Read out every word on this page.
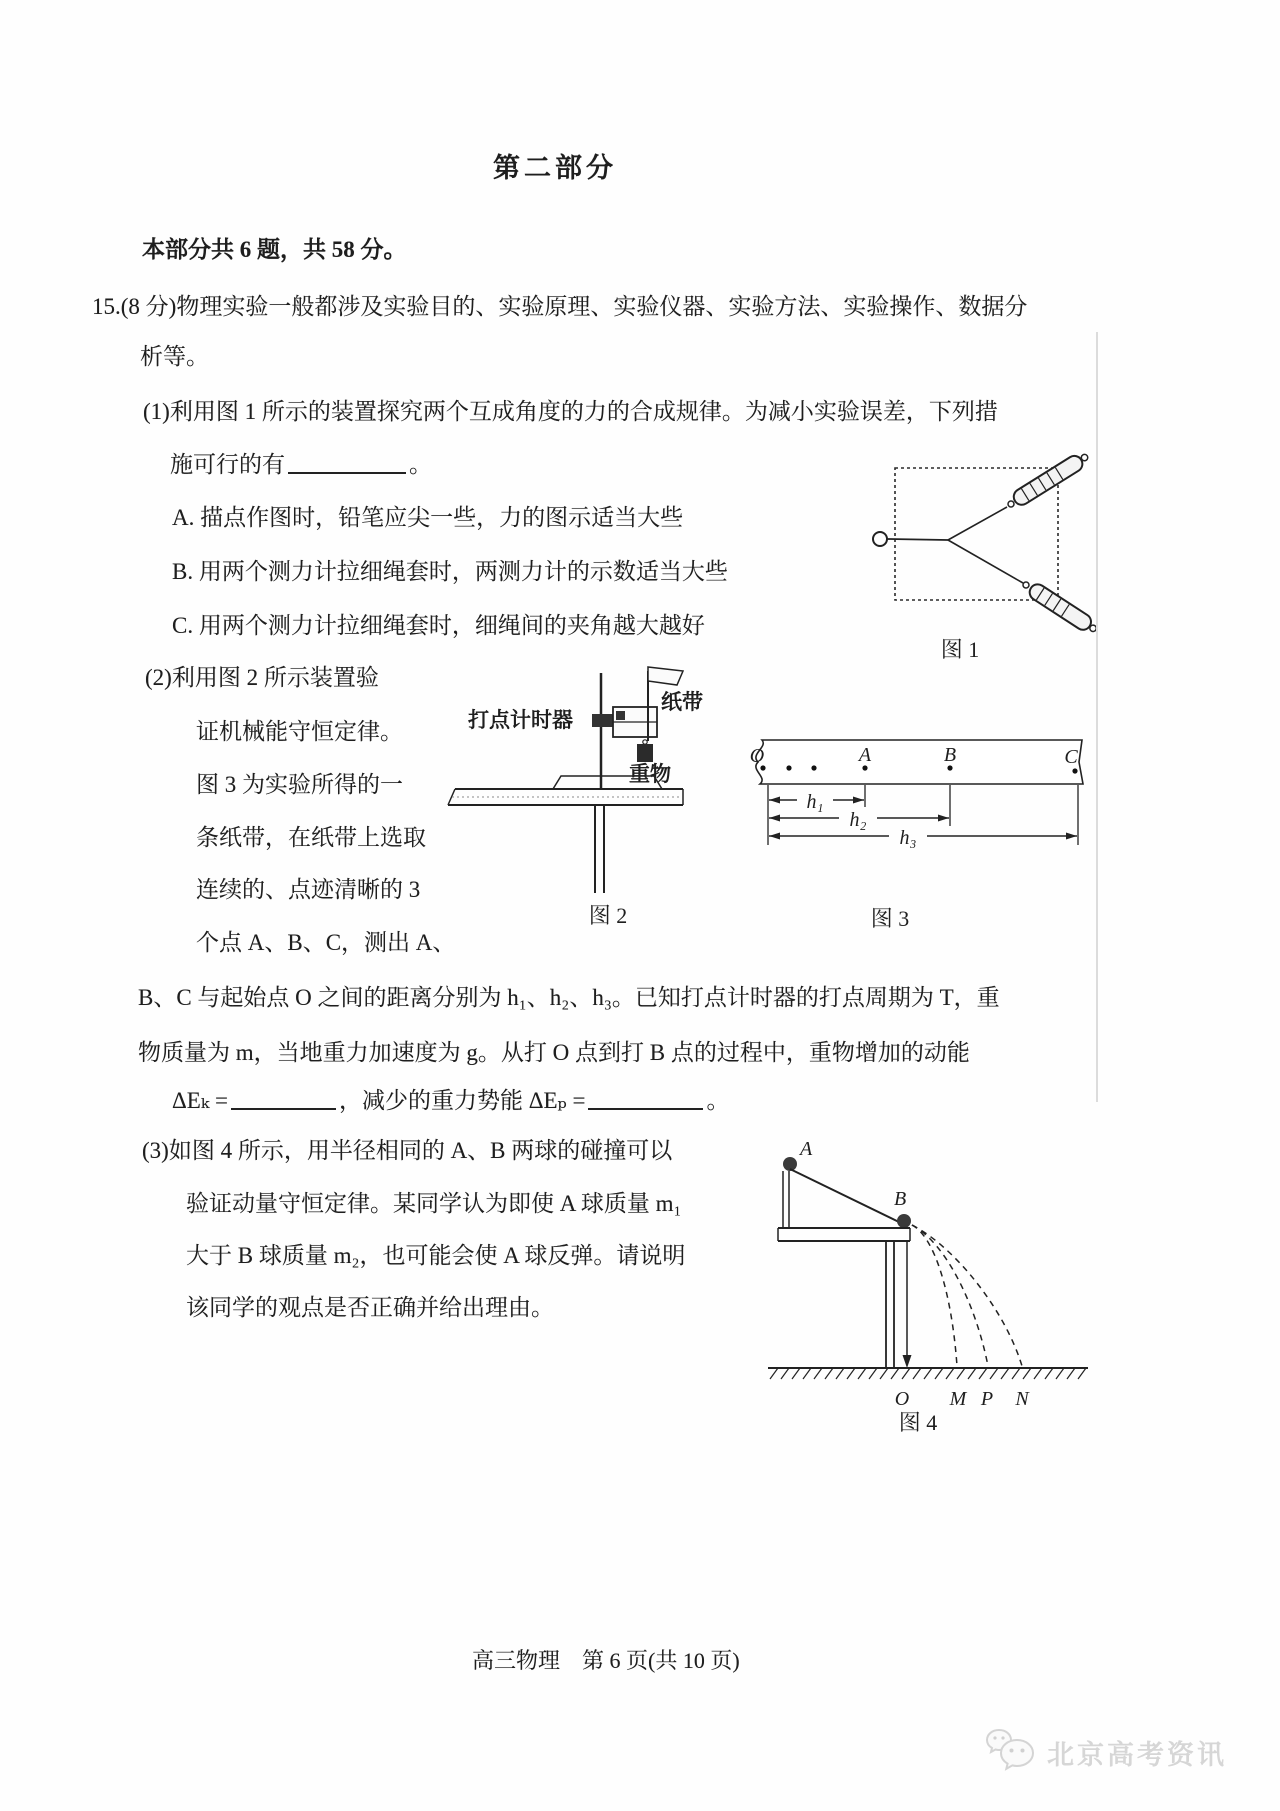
第二部分
本部分共 6 题，共 58 分。
15.(8 分)物理实验一般都涉及实验目的、实验原理、实验仪器、实验方法、实验操作、数据分
析等。
(1)利用图 1 所示的装置探究两个互成角度的力的合成规律。为减小实验误差，下列措
施可行的有	。
A. 描点作图时，铅笔应尖一些，力的图示适当大些
B. 用两个测力计拉细绳套时，两测力计的示数适当大些
C. 用两个测力计拉细绳套时，细绳间的夹角越大越好
图 1
(2)利用图 2 所示装置验
证机械能守恒定律。
图 3 为实验所得的一
条纸带，在纸带上选取
连续的、点迹清晰的 3
个点 A、B、C，测出 A、
打点计时器
纸带
重物
图 2
O	A	B	C
h₁
h₂
h₃
图 3
B、C 与起始点 O 之间的距离分别为 h₁、h₂、h₃。已知打点计时器的打点周期为 T，重
物质量为 m，当地重力加速度为 g。从打 O 点到打 B 点的过程中，重物增加的动能
ΔEₖ =	，减少的重力势能 ΔEₚ =	。
(3)如图 4 所示，用半径相同的 A、B 两球的碰撞可以
验证动量守恒定律。某同学认为即使 A 球质量 m₁
大于 B 球质量 m₂，也可能会使 A 球反弹。请说明
该同学的观点是否正确并给出理由。
A
B
O M P N
图 4
高三物理　第 6 页(共 10 页)
北京高考资讯
